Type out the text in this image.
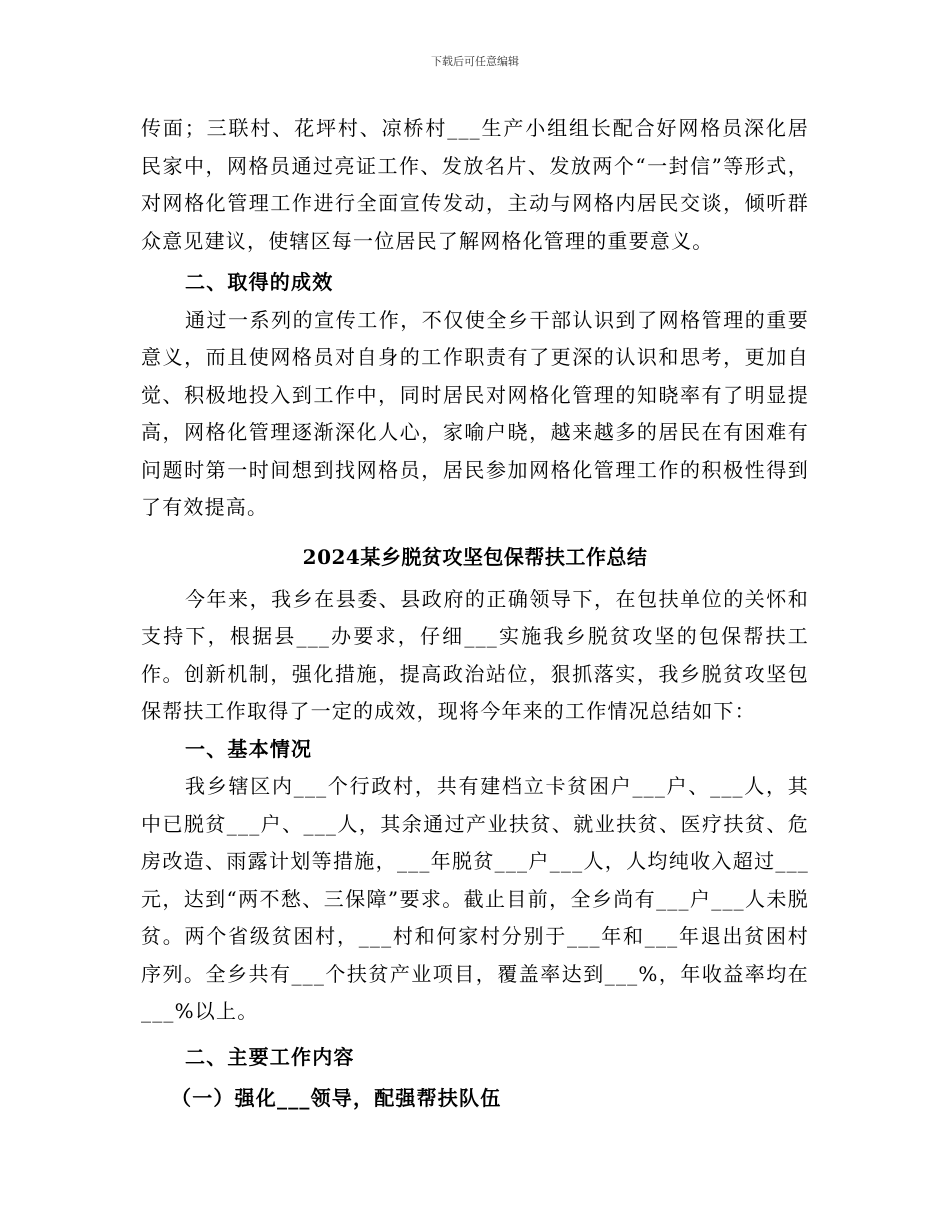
下载后可任意编辑

传面；三联村、花坪村、凉桥村___生产小组组长配合好网格员深化居民家中，网格员通过亮证工作、发放名片、发放两个“一封信”等形式，对网格化管理工作进行全面宣传发动，主动与网格内居民交谈，倾听群众意见建议，使辖区每一位居民了解网格化管理的重要意义。

二、取得的成效

通过一系列的宣传工作，不仅使全乡干部认识到了网格管理的重要意义，而且使网格员对自身的工作职责有了更深的认识和思考，更加自觉、积极地投入到工作中，同时居民对网格化管理的知晓率有了明显提高，网格化管理逐渐深化人心，家喻户晓，越来越多的居民在有困难有问题时第一时间想到找网格员，居民参加网格化管理工作的积极性得到了有效提高。

2024某乡脱贫攻坚包保帮扶工作总结

今年来，我乡在县委、县政府的正确领导下，在包扶单位的关怀和支持下，根据县___办要求，仔细___实施我乡脱贫攻坚的包保帮扶工作。创新机制，强化措施，提高政治站位，狠抓落实，我乡脱贫攻坚包保帮扶工作取得了一定的成效，现将今年来的工作情况总结如下：

一、基本情况

我乡辖区内___个行政村，共有建档立卡贫困户___户、___人，其中已脱贫___户、___人，其余通过产业扶贫、就业扶贫、医疗扶贫、危房改造、雨露计划等措施，___年脱贫___户___人，人均纯收入超过___元，达到“两不愁、三保障”要求。截止目前，全乡尚有___户___人未脱贫。两个省级贫困村，___村和何家村分别于___年和___年退出贫困村序列。全乡共有___个扶贫产业项目，覆盖率达到___%，年收益率均在___%以上。

二、主要工作内容

（一）强化___领导，配强帮扶队伍
